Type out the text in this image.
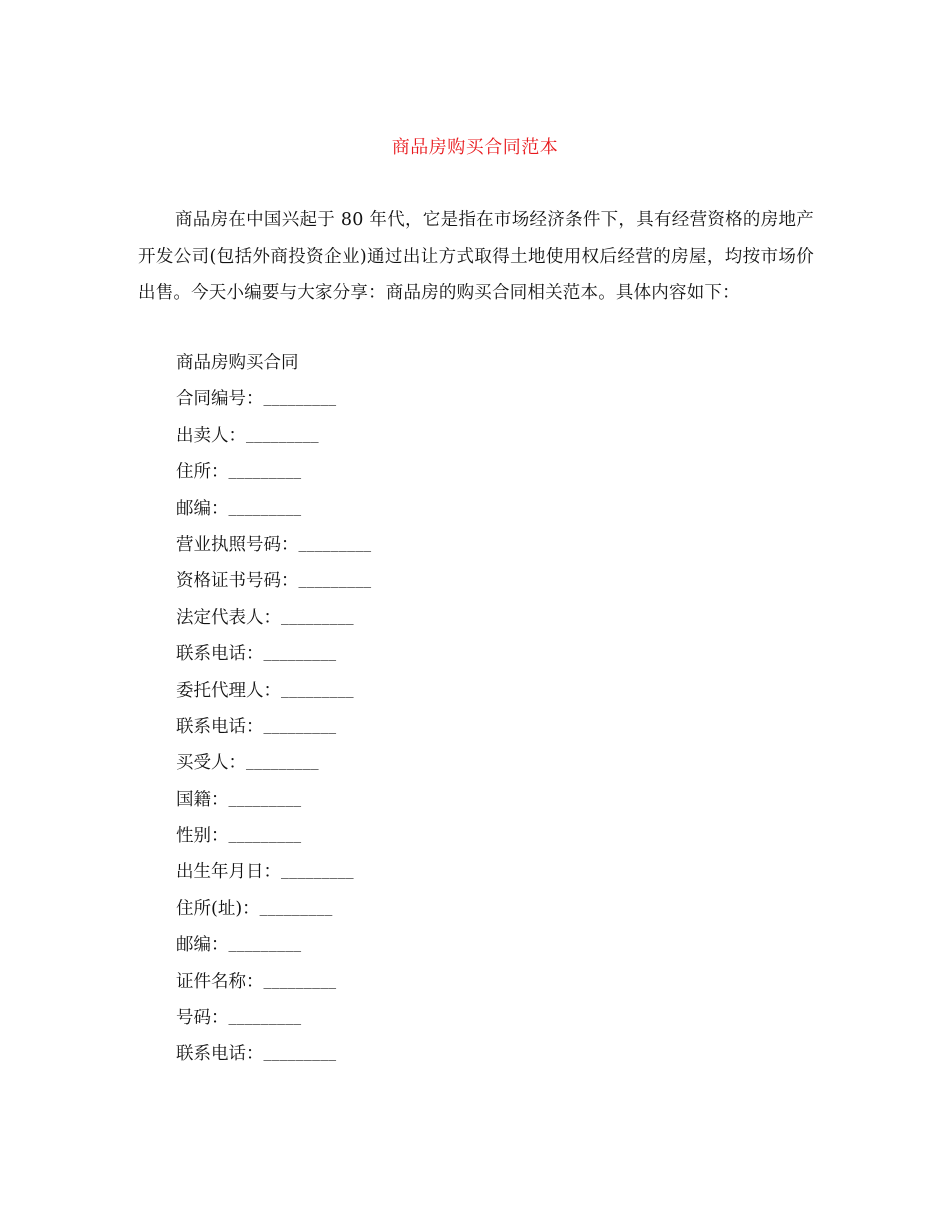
商品房购买合同范本
商品房在中国兴起于 80 年代，它是指在市场经济条件下，具有经营资格的房地产开发公司(包括外商投资企业)通过出让方式取得土地使用权后经营的房屋，均按市场价出售。今天小编要与大家分享：商品房的购买合同相关范本。具体内容如下：
商品房购买合同
合同编号：_________
出卖人：_________
住所：_________
邮编：_________
营业执照号码：_________
资格证书号码：_________
法定代表人：_________
联系电话：_________
委托代理人：_________
联系电话：_________
买受人：_________
国籍：_________
性别：_________
出生年月日：_________
住所(址)：_________
邮编：_________
证件名称：_________
号码：_________
联系电话：_________
